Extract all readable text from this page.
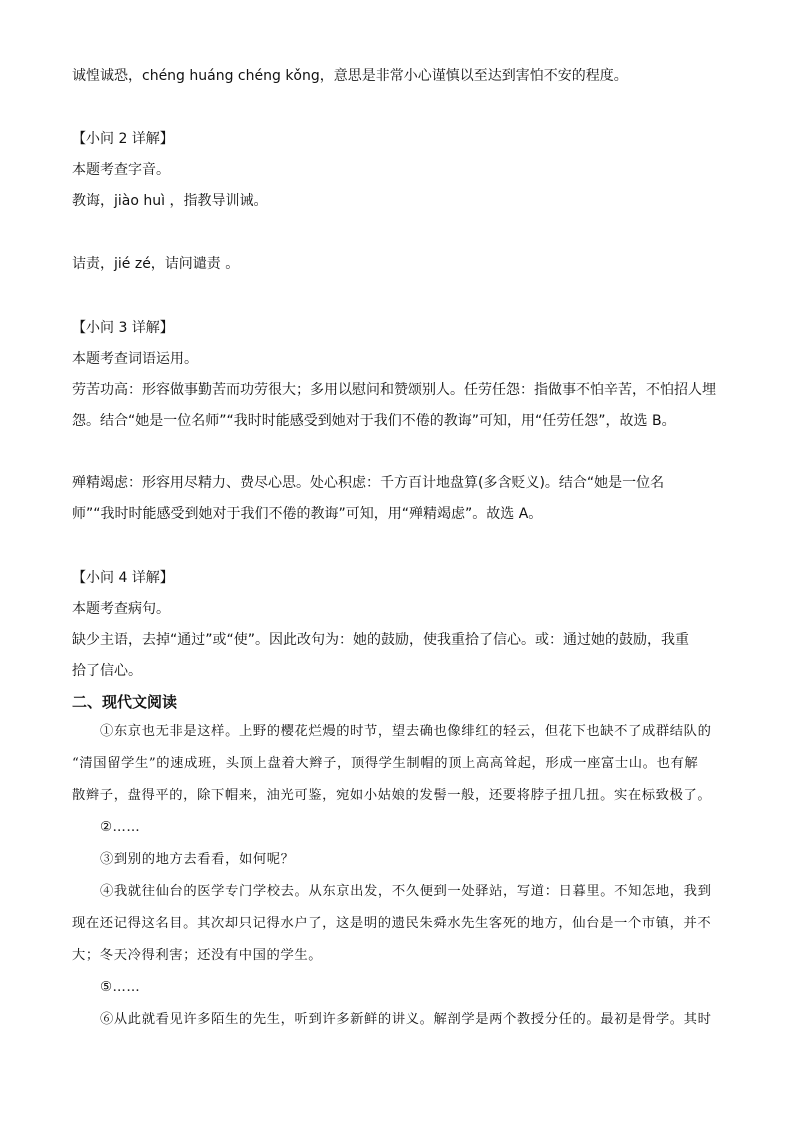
诚惶诚恐，chéng huáng chéng kǒng，意思是非常小心谨慎以至达到害怕不安的程度。
【小问 2 详解】
本题考查字音。
教诲，jiào huì ，指教导训诫。
诘责，jié zé，诘问谴责 。
【小问 3 详解】
本题考查词语运用。
劳苦功高：形容做事勤苦而功劳很大；多用以慰问和赞颂别人。任劳任怨：指做事不怕辛苦，不怕招人埋
怨。结合“她是一位名师”“我时时能感受到她对于我们不倦的教诲”可知，用“任劳任怨”，故选 B。
殚精竭虑：形容用尽精力、费尽心思。处心积虑：千方百计地盘算(多含贬义)。结合“她是一位名
师”“我时时能感受到她对于我们不倦的教诲”可知，用“殚精竭虑”。故选 A。
【小问 4 详解】
本题考查病句。
缺少主语，去掉“通过”或“使”。因此改句为：她的鼓励，使我重拾了信心。或：通过她的鼓励，我重
拾了信心。
二、现代文阅读
①东京也无非是这样。上野的樱花烂熳的时节，望去确也像绯红的轻云，但花下也缺不了成群结队的
“清国留学生”的速成班，头顶上盘着大辫子，顶得学生制帽的顶上高高耸起，形成一座富士山。也有解
散辫子，盘得平的，除下帽来，油光可鉴，宛如小姑娘的发髻一般，还要将脖子扭几扭。实在标致极了。
②……
③到别的地方去看看，如何呢？
④我就往仙台的医学专门学校去。从东京出发，不久便到一处驿站，写道：日暮里。不知怎地，我到
现在还记得这名目。其次却只记得水户了，这是明的遗民朱舜水先生客死的地方，仙台是一个市镇，并不
大；冬天冷得利害；还没有中国的学生。
⑤……
⑥从此就看见许多陌生的先生，听到许多新鲜的讲义。解剖学是两个教授分任的。最初是骨学。其时
